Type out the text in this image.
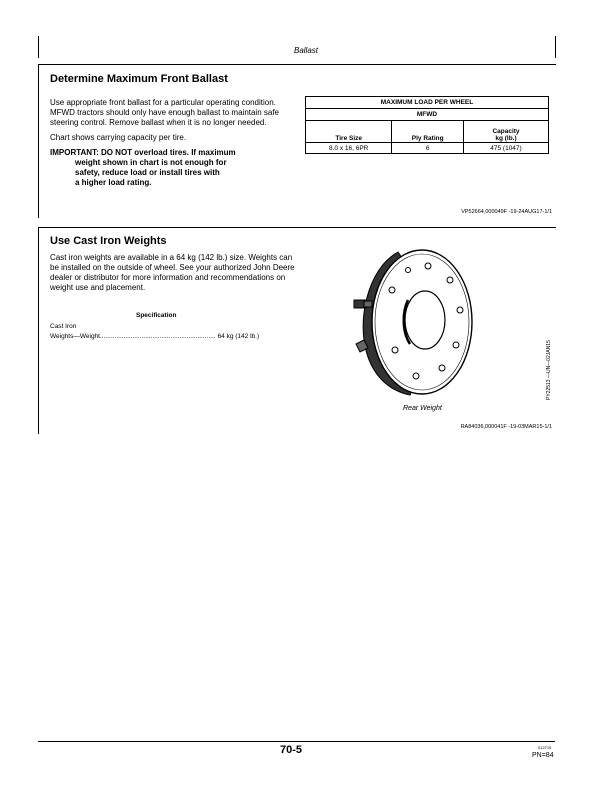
Ballast
Determine Maximum Front Ballast

Use appropriate front ballast for a particular operating condition. MFWD tractors should only have enough ballast to maintain safe steering control. Remove ballast when it is no longer needed.

Chart shows carrying capacity per tire.

IMPORTANT: DO NOT overload tires. If maximum
weight shown in chart is not enough for
safety, reduce load or install tires with
a higher load rating.
MAXIMUM LOAD PER WHEEL		
MFWD		
Tire Size	Ply Rating	Capacity
kg (lb.)
8.0 x 16, 6PR	6	475 (1047)
VP52664,000049F -19-24AUG17-1/1
Use Cast Iron Weights
Cast iron weights are available in a 64 kg (142 lb.) size. Weights can be installed on the outside of wheel. See your authorized John Deere dealer or distributor for more information and recommendations on weight use and placement.
Specification
Cast Iron
Weights—Weight................................................................ 64 kg (142 lb.)
PY22513 —UN—02JAN15
Rear Weight
RA84036,000041F -19-03MAR15-1/1
70-5	012715
PN=84
